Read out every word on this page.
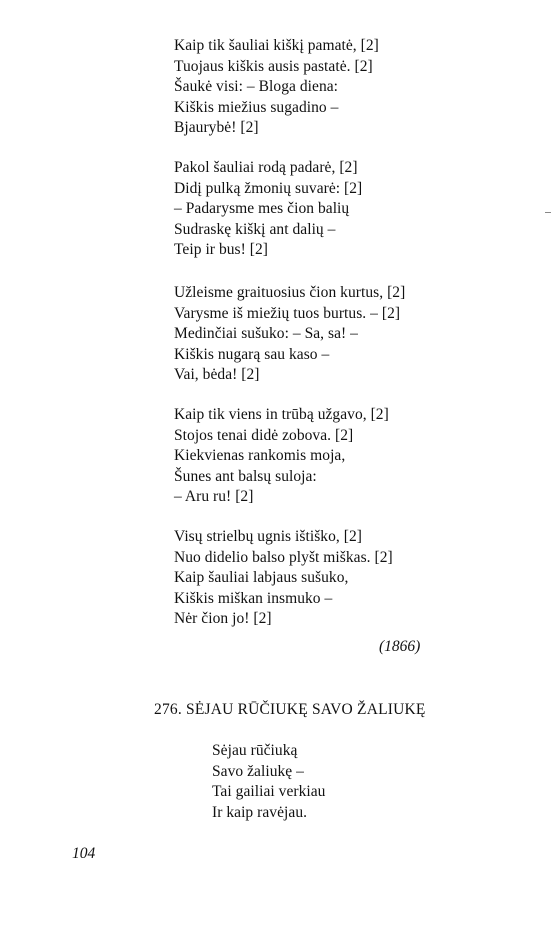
Kaip tik šauliai kiškį pamatė, [2]
Tuojaus kiškis ausis pastatė. [2]
Šaukė visi: – Bloga diena:
Kiškis miežius sugadino –
Bjaurybė! [2]
Pakol šauliai rodą padarė, [2]
Didį pulką žmonių suvarė: [2]
– Padarysme mes čion balių
Sudraskę kiškį ant dalių –
Teip ir bus! [2]
Užleisme graituosius čion kurtus, [2]
Varysme iš miežių tuos burtus. – [2]
Medinčiai sušuko: – Sa, sa! –
Kiškis nugarą sau kaso –
Vai, bėda! [2]
Kaip tik viens in trūbą užgavo, [2]
Stojos tenai didė zobova. [2]
Kiekvienas rankomis moja,
Šunes ant balsų suloja:
– Aru ru! [2]
Visų strielbų ugnis ištiško, [2]
Nuo didelio balso plyšt miškas. [2]
Kaip šauliai labjaus sušuko,
Kiškis miškan insmuko –
Nėr čion jo! [2]
(1866)
276. SĖJAU RŪČIUKĘ SAVO ŽALIUKĘ
Sėjau rūčiuką
Savo žaliukę –
Tai gailiai verkiau
Ir kaip ravėjau.
104
